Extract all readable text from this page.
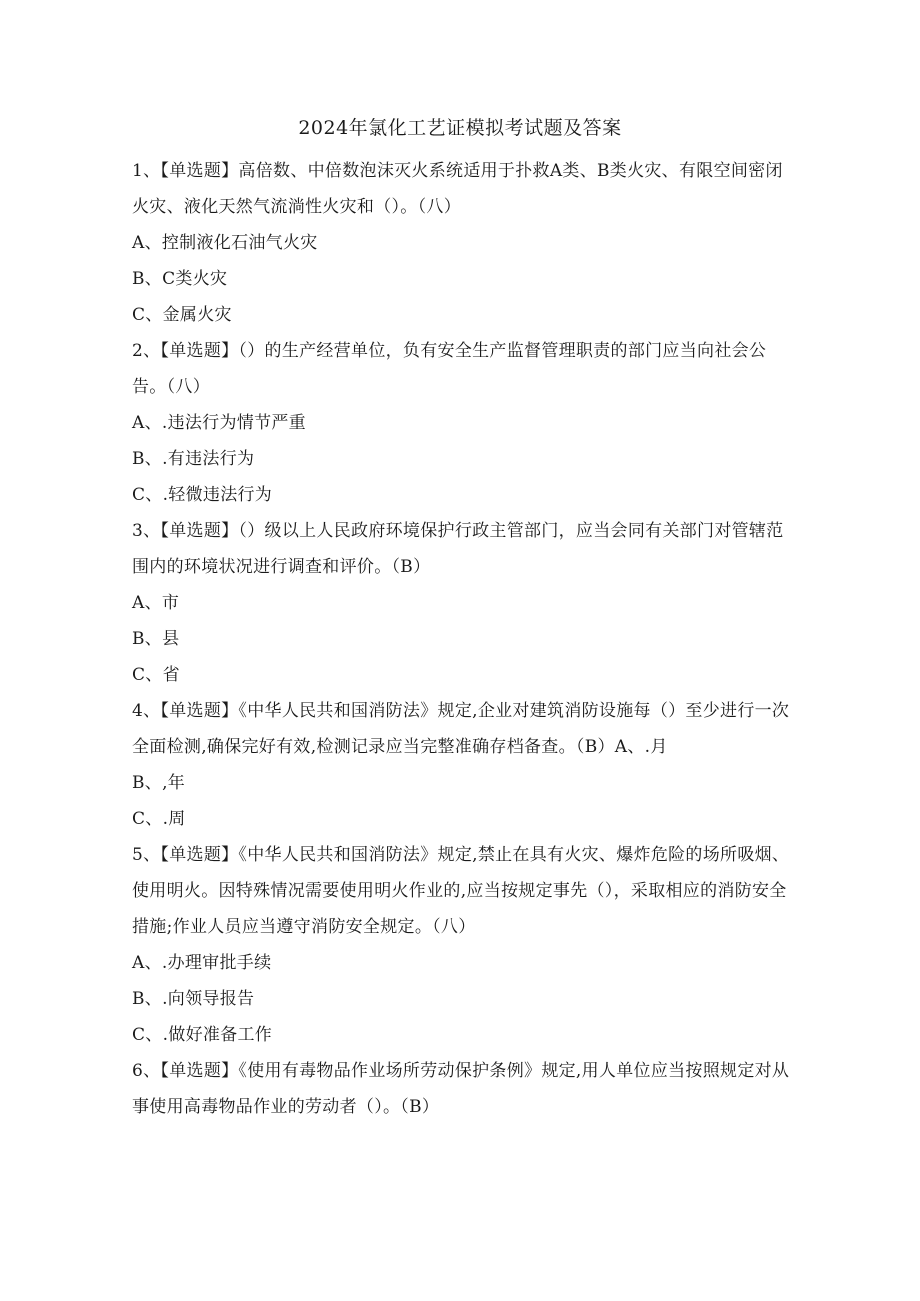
2024年氯化工艺证模拟考试题及答案

1、【单选题】高倍数、中倍数泡沫灭火系统适用于扑救A类、B类火灾、有限空间密闭火灾、液化天然气流淌性火灾和（）。（八）

A、控制液化石油气火灾

B、C类火灾

C、金属火灾

2、【单选题】（）的生产经营单位，负有安全生产监督管理职责的部门应当向社会公告。（八）

A、.违法行为情节严重

B、.有违法行为

C、.轻微违法行为

3、【单选题】（）级以上人民政府环境保护行政主管部门，应当会同有关部门对管辖范围内的环境状况进行调查和评价。（B）

A、市

B、县

C、省

4、【单选题】《中华人民共和国消防法》规定,企业对建筑消防设施每（）至少进行一次全面检测,确保完好有效,检测记录应当完整准确存档备查。（B）A、.月

B、,年

C、.周

5、【单选题】《中华人民共和国消防法》规定,禁止在具有火灾、爆炸危险的场所吸烟、使用明火。因特殊情况需要使用明火作业的,应当按规定事先（），采取相应的消防安全措施;作业人员应当遵守消防安全规定。（八）

A、.办理审批手续

B、.向领导报告

C、.做好准备工作

6、【单选题】《使用有毒物品作业场所劳动保护条例》规定,用人单位应当按照规定对从事使用高毒物品作业的劳动者（）。（B）
